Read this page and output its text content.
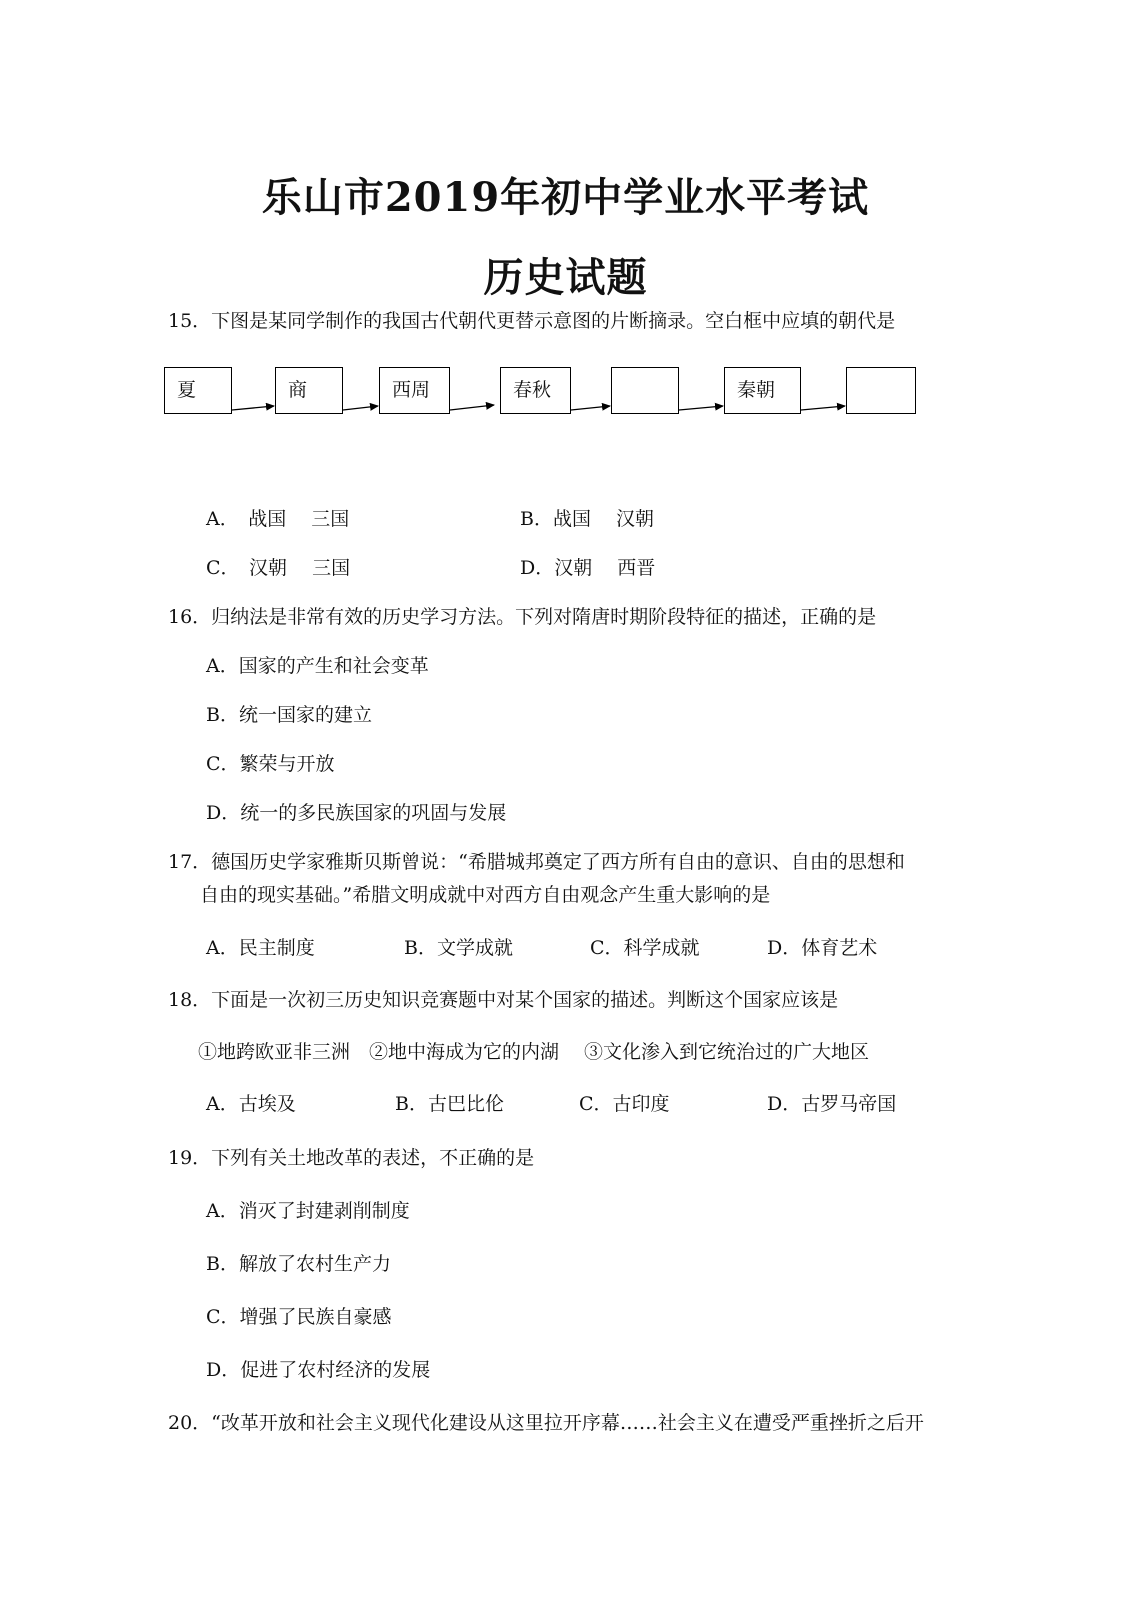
乐山市2019年初中学业水平考试
历史试题
15．下图是某同学制作的我国古代朝代更替示意图的片断摘录。空白框中应填的朝代是
夏	商	西周	春秋	秦朝
A．　战国　 三国	B．战国　 汉朝
C．　汉朝　 三国	D．汉朝　 西晋
16．归纳法是非常有效的历史学习方法。下列对隋唐时期阶段特征的描述，正确的是
A．国家的产生和社会变革
B．统一国家的建立
C．繁荣与开放
D．统一的多民族国家的巩固与发展
17．德国历史学家雅斯贝斯曾说：“希腊城邦奠定了西方所有自由的意识、自由的思想和
自由的现实基础。”希腊文明成就中对西方自由观念产生重大影响的是
A．民主制度	B．文学成就	C．科学成就	D．体育艺术
18．下面是一次初三历史知识竞赛题中对某个国家的描述。判断这个国家应该是
①地跨欧亚非三洲　②地中海成为它的内湖　 ③文化渗入到它统治过的广大地区
A．古埃及	B．古巴比伦	C．古印度	D．古罗马帝国
19．下列有关土地改革的表述，不正确的是
A．消灭了封建剥削制度
B．解放了农村生产力
C．增强了民族自豪感
D．促进了农村经济的发展
20．“改革开放和社会主义现代化建设从这里拉开序幕……社会主义在遭受严重挫折之后开
